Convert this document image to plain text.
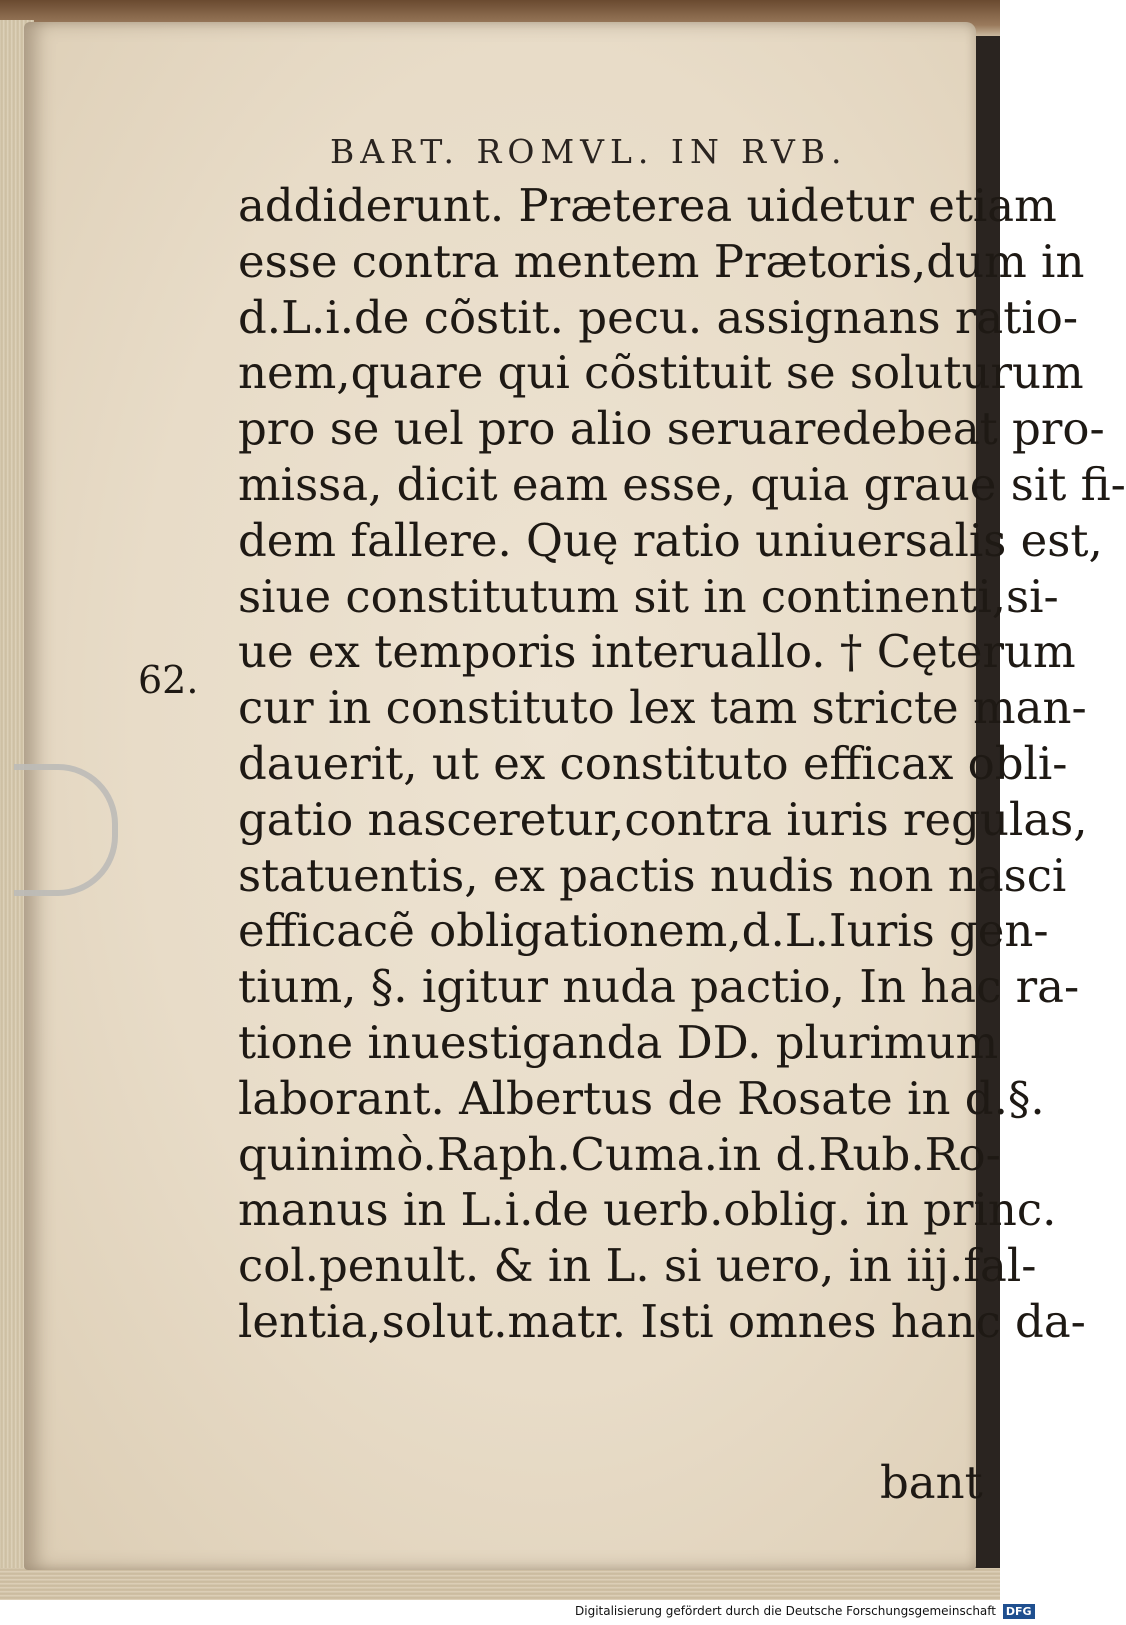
BART. ROMVL. IN RVB.
62.
addiderunt. Præterea uidetur etiam
esse contra mentem Prætoris,dum in
d.L.i.de cõstit. pecu. assignans ratio‑
nem,quare qui cõstituit se soluturum
pro se uel pro alio seruaredebeat pro‑
missa, dicit eam esse, quia graue sit fi‑
dem fallere. Quę ratio uniuersalis est,
siue constitutum sit in continenti,si‑
ue ex temporis interuallo. † Cęterum
cur in constituto lex tam stricte man‑
dauerit, ut ex constituto efficax obli‑
gatio nasceretur,contra iuris regulas,
statuentis, ex pactis nudis non nasci
efficacẽ obligationem,d.L.Iuris gen‑
tium, §. igitur nuda pactio, In hac ra‑
tione inuestiganda DD. plurimum
laborant. Albertus de Rosate in d.§.
quinimò.Raph.Cuma.in d.Rub.Ro‑
manus in L.i.de uerb.oblig. in princ.
col.penult. & in L. si uero, in iij.fal‑
lentia,solut.matr. Isti omnes hanc da‑
bant
Digitalisierung gefördert durch die Deutsche Forschungsgemeinschaft DFG
